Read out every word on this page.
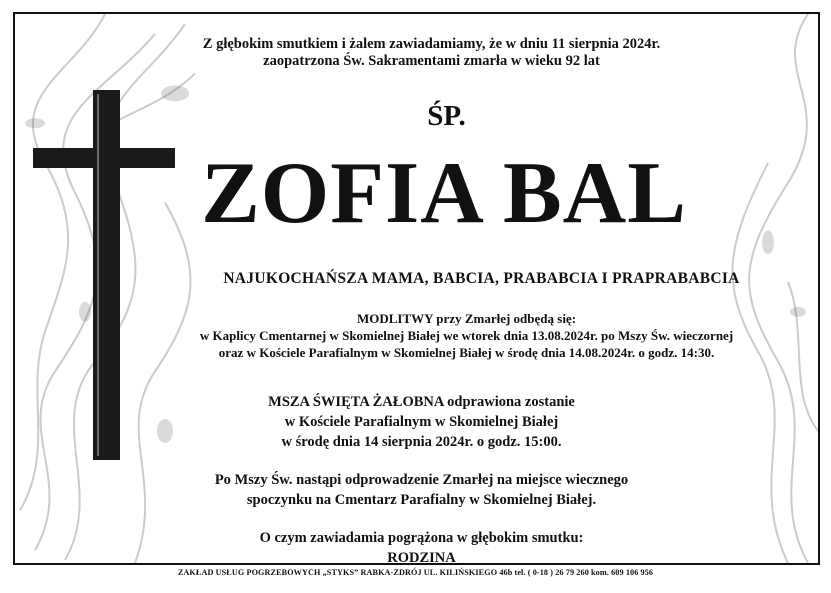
Z głębokim smutkiem i żalem zawiadamiamy, że w dniu 11 sierpnia 2024r.
zaopatrzona Św. Sakramentami zmarła w wieku 92 lat
ŚP.
ZOFIA BAL
NAJUKOCHAŃSZA MAMA, BABCIA, PRABABCIA I PRAPRABABCIA
MODLITWY przy Zmarłej odbędą się:
w Kaplicy Cmentarnej w Skomielnej Białej we wtorek dnia 13.08.2024r. po Mszy Św. wieczornej
oraz w Kościele Parafialnym w Skomielnej Białej w środę dnia 14.08.2024r. o godz. 14:30.
MSZA ŚWIĘTA ŻAŁOBNA odprawiona zostanie
w Kościele Parafialnym w Skomielnej Białej
w środę dnia 14 sierpnia 2024r. o godz. 15:00.
Po Mszy Św. nastąpi odprowadzenie Zmarłej na miejsce wiecznego
spoczynku na Cmentarz Parafialny w Skomielnej Białej.
O czym zawiadamia pogrążona w głębokim smutku:
RODZINA
ZAKŁAD USŁUG POGRZEBOWYCH „STYKS” RABKA-ZDRÓJ UL. KILIŃSKIEGO 46b tel. ( 0-18 ) 26 79 260 kom. 609 106 956
